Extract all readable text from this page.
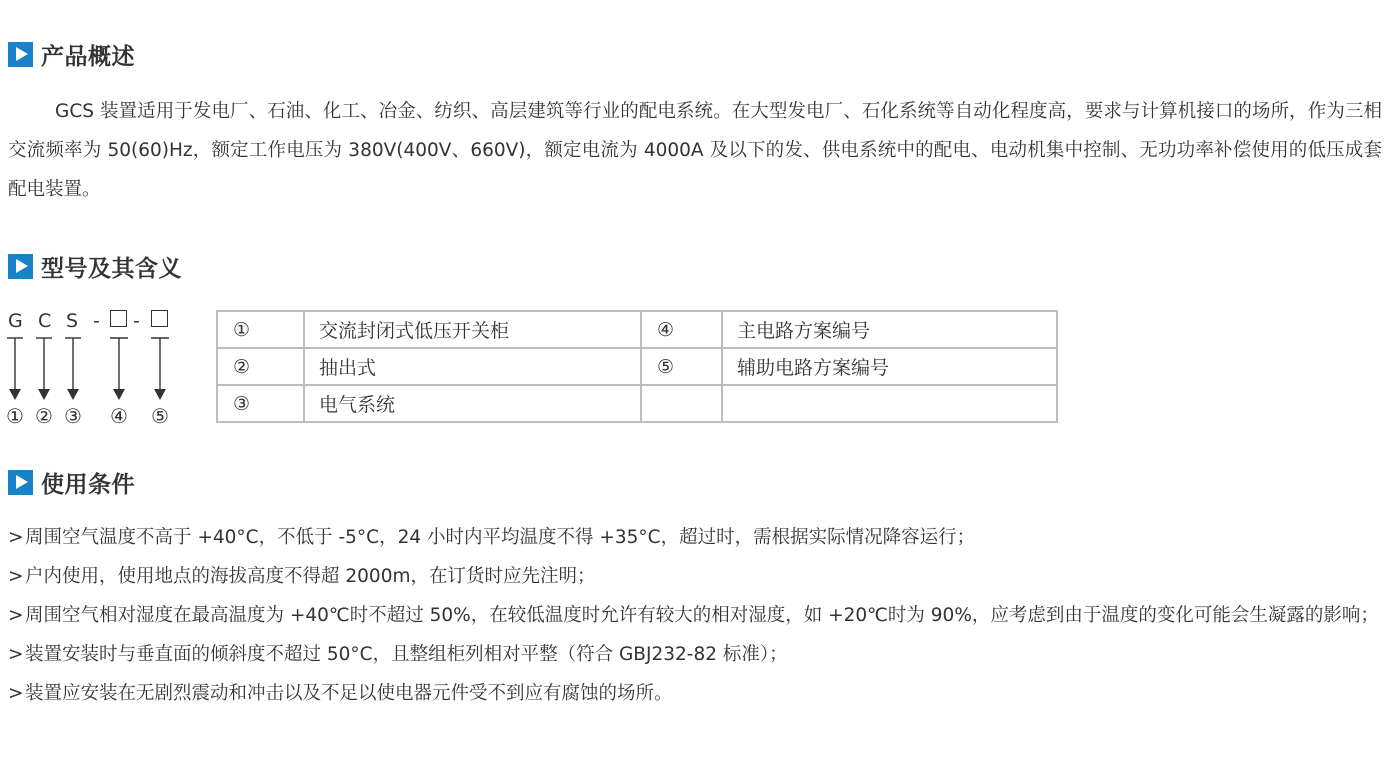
产品概述
GCS 装置适用于发电厂、石油、化工、冶金、纺织、高层建筑等行业的配电系统。在大型发电厂、石化系统等自动化程度高，要求与计算机接口的场所，作为三相交流频率为 50(60)Hz，额定工作电压为 380V(400V、660V)，额定电流为 4000A 及以下的发、供电系统中的配电、电动机集中控制、无功功率补偿使用的低压成套配电装置。
型号及其含义
G C S - -
① ② ③ ④ ⑤
①	交流封闭式低压开关柜	④	主电路方案编号
②	抽出式	⑤	辅助电路方案编号
③	电气系统		
使用条件
> 周围空气温度不高于 +40°C，不低于 -5°C，24 小时内平均温度不得 +35°C，超过时，需根据实际情况降容运行；
> 户内使用，使用地点的海拔高度不得超 2000m，在订货时应先注明；
> 周围空气相对湿度在最高温度为 +40℃时不超过 50%，在较低温度时允许有较大的相对湿度，如 +20℃时为 90%，应考虑到由于温度的变化可能会生凝露的影响；
> 装置安装时与垂直面的倾斜度不超过 50°C，且整组柜列相对平整（符合 GBJ232-82 标准）；
> 装置应安装在无剧烈震动和冲击以及不足以使电器元件受不到应有腐蚀的场所。
